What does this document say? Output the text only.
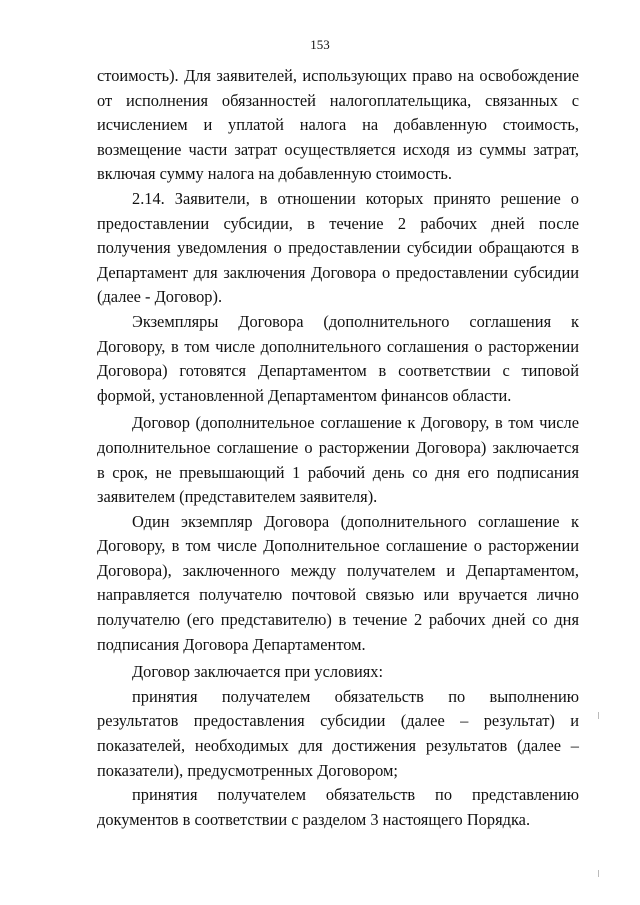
153

стоимость). Для заявителей, использующих право на освобождение от исполнения обязанностей налогоплательщика, связанных с исчислением и уплатой налога на добавленную стоимость, возмещение части затрат осуществляется исходя из суммы затрат, включая сумму налога на добавленную стоимость.

2.14. Заявители, в отношении которых принято решение о предоставлении субсидии, в течение 2 рабочих дней после получения уведомления о предоставлении субсидии обращаются в Департамент для заключения Договора о предоставлении субсидии (далее - Договор).

Экземпляры Договора (дополнительного соглашения к Договору, в том числе дополнительного соглашения о расторжении Договора) готовятся Департаментом в соответствии с типовой формой, установленной Департаментом финансов области.

Договор (дополнительное соглашение к Договору, в том числе дополнительное соглашение о расторжении Договора) заключается в срок, не превышающий 1 рабочий день со дня его подписания заявителем (представителем заявителя).

Один экземпляр Договора (дополнительного соглашение к Договору, в том числе Дополнительное соглашение о расторжении Договора), заключенного между получателем и Департаментом, направляется получателю почтовой связью или вручается лично получателю (его представителю) в течение 2 рабочих дней со дня подписания Договора Департаментом.

Договор заключается при условиях:

принятия получателем обязательств по выполнению результатов предоставления субсидии (далее – результат) и показателей, необходимых для достижения результатов (далее – показатели), предусмотренных Договором;

принятия получателем обязательств по представлению документов в соответствии с разделом 3 настоящего Порядка.
